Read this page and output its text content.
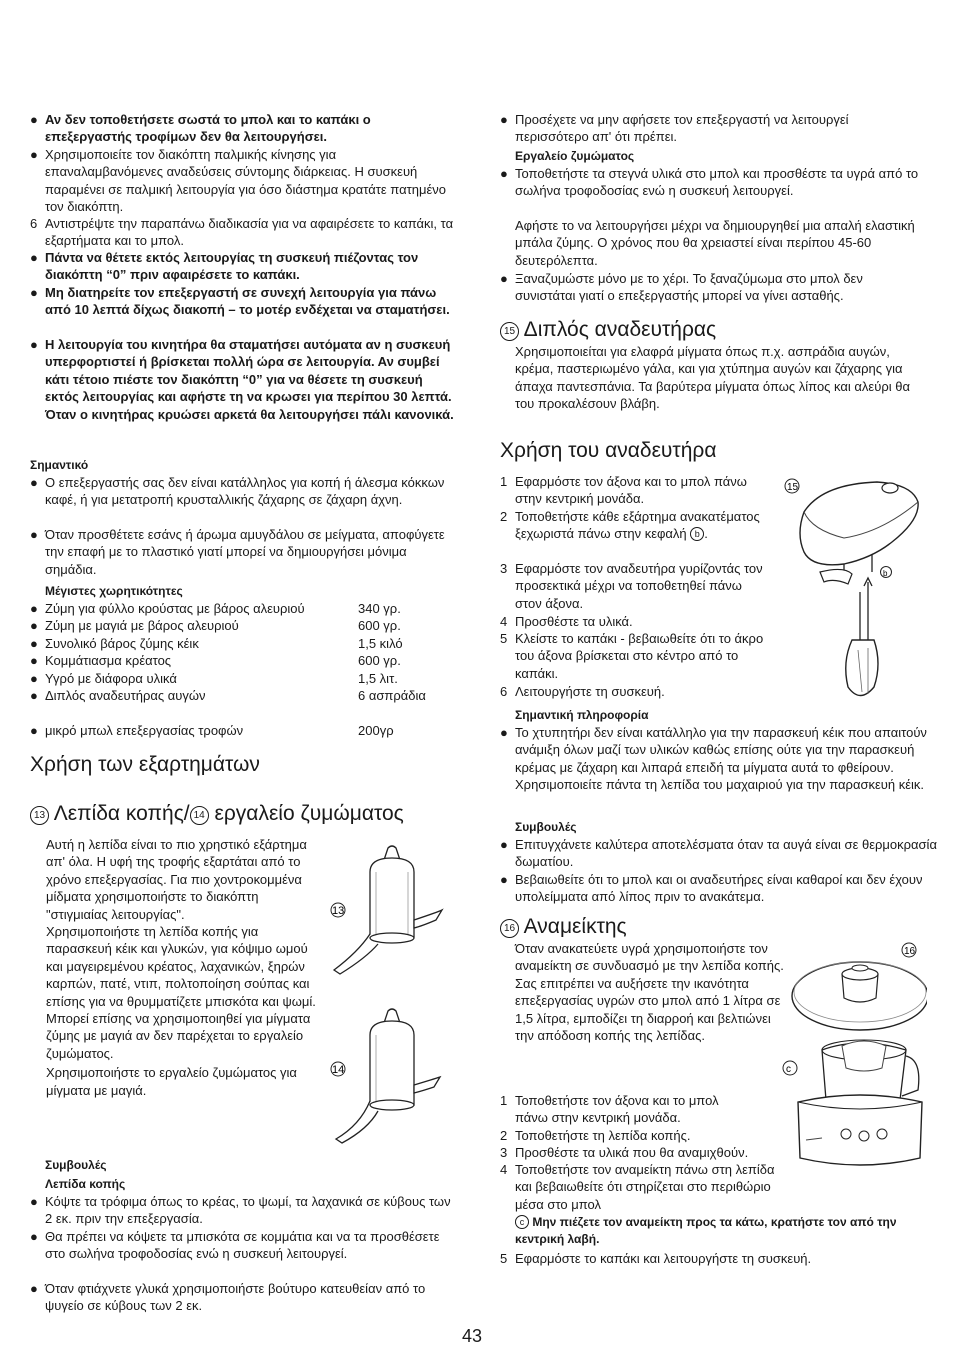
● Αν δεν τοποθετήσετε σωστά το μπολ και το καπάκι ο επεξεργαστής τροφίμων δεν θα λειτουργήσει.
● Χρησιμοποιείτε τον διακόπτη παλμικής κίνησης για επαναλαμβανόμενες αναδεύσεις σύντομης διάρκειας. Η συσκευή παραμένει σε παλμική λειτουργία για όσο διάστημα κρατάτε πατημένο τον διακόπτη.
6 Αντιστρέψτε την παραπάνω διαδικασία για να αφαιρέσετε το καπάκι, τα εξαρτήματα και το μπολ.
● Πάντα να θέτετε εκτός λειτουργίας τη συσκευή πιέζοντας τον διακόπτη “0” πριν αφαιρέσετε το καπάκι.
● Μη διατηρείτε τον επεξεργαστή σε συνεχή λειτουργία για πάνω από 10 λεπτά δίχως διακοπή – το μοτέρ ενδέχεται να σταματήσει.
● Η λειτουργία του κινητήρα θα σταματήσει αυτόματα αν η συσκευή υπερφορτιστεί ή βρίσκεται πολλή ώρα σε λειτουργία. Αν συμβεί κάτι τέτοιο πιέστε τον διακόπτη “0” για να θέσετε τη συσκευή εκτός λειτουργίας και αφήστε τη να κρωσει για περίπου 30 λεπτά. Όταν ο κινητήρας κρυώσει αρκετά θα λειτουργήσει πάλι κανονικά.
Σημαντικό
● Ο επεξεργαστής σας δεν είναι κατάλληλος για κοπή ή άλεσμα κόκκων καφέ, ή για μετατροπή κρυσταλλικής ζάχαρης σε ζάχαρη άχνη.
● Όταν προσθέτετε εσάνς ή άρωμα αμυγδάλου σε μείγματα, αποφύγετε την επαφή με το πλαστικό γιατί μπορεί να δημιουργήσει μόνιμα σημάδια.
Μέγιστες χωρητικότητες
● Ζύμη για φύλλο κρούστας με βάρος αλευριού	340 γρ.
● Ζύμη με μαγιά με βάρος αλευριού	600 γρ.
● Συνολικό βάρος ζύμης κέικ	1,5 κιλό
● Κομμάτιασμα κρέατος	600 γρ.
● Υγρό με διάφορα υλικά	1,5 λιτ.
● Διπλός αναδευτήρας αυγών	6 ασπράδια
● μικρό μπωλ επεξεργασίας τροφών	200γρ
Χρήση των εξαρτημάτων
13 Λεπίδα κοπής/ 14 εργαλείο ζυμώματος
Αυτή η λεπίδα είναι το πιο χρηστικό εξάρτημα απ' όλα. Η υφή της τροφής εξαρτάται από το χρόνο επεξεργασίας. Για πιο χοντροκομμένα μίδματα χρησιμοποιήστε το διακόπτη "στιγμιαίας λειτουργίας".
Χρησιμοποιήστε τη λεπίδα κοπής για παρασκευή κέικ και γλυκών, για κόψιμο ωμού και μαγειρεμένου κρέατος, λαχανικών, ξηρών καρπών, πατέ, ντιπ, πολτοποίηση σούπας και επίσης για να θρυμματίζετε μπισκότα και ψωμί. Μπορεί επίσης να χρησιμοποιηθεί για μίγματα ζύμης με μαγιά αν δεν παρέχεται το εργαλείο ζυμώματος.
Χρησιμοποιήστε το εργαλείο ζυμώματος για μίγματα με μαγιά.
13
14
Συμβουλές
Λεπίδα κοπής
● Κόψτε τα τρόφιμα όπως το κρέας, το ψωμί, τα λαχανικά σε κύβους των 2 εκ. πριν την επεξεργασία.
● Θα πρέπει να κόψετε τα μπισκότα σε κομμάτια και να τα προσθέσετε στο σωλήνα τροφοδοσίας ενώ η συσκευή λειτουργεί.
● Όταν φτιάχνετε γλυκά χρησιμοποιήστε βούτυρο κατευθείαν από το ψυγείο σε κύβους των 2 εκ.
● Προσέχετε να μην αφήσετε τον επεξεργαστή να λειτουργεί περισσότερο απ' ότι πρέπει.
Εργαλείο ζυμώματος
● Τοποθετήστε τα στεγνά υλικά στο μπολ και προσθέστε τα υγρά από το σωλήνα τροφοδοσίας ενώ η συσκευή λειτουργεί.
Αφήστε το να λειτουργήσει μέχρι να δημιουργηθεί μια απαλή ελαστική μπάλα ζύμης. Ο χρόνος που θα χρειαστεί είναι περίπου 45-60 δευτερόλεπτα.
● Ξαναζυμώστε μόνο με το χέρι. Το ξαναζύμωμα στο μπολ δεν συνιστάται γιατί ο επεξεργαστής μπορεί να γίνει ασταθής.
15 Διπλός αναδευτήρας
Χρησιμοποιείται για ελαφρά μίγματα όπως π.χ. ασπράδια αυγών, κρέμα, παστεριωμένο γάλα, και για χτύπημα αυγών και ζάχαρης για άπαχα παντεσπάνια. Τα βαρύτερα μίγματα όπως λίπος και αλεύρι θα του προκαλέσουν βλάβη.
Χρήση του αναδευτήρα
1 Εφαρμόστε τον άξονα και το μπολ πάνω στην κεντρική μονάδα.
2 Τοποθετήστε κάθε εξάρτημα ανακατέματος ξεχωριστά πάνω στην κεφαλή b .
3 Εφαρμόστε τον αναδευτήρα γυρίζοντάς τον προσεκτικά μέχρι να τοποθετηθεί πάνω στον άξονα.
4 Προσθέστε τα υλικά.
5 Κλείστε το καπάκι - βεβαιωθείτε ότι το άκρο του άξονα βρίσκεται στο κέντρο από το καπάκι.
6 Λειτουργήστε τη συσκευή.
15
b
Σημαντική πληροφορία
● Το χτυπητήρι δεν είναι κατάλληλο για την παρασκευή κέικ που απαιτούν ανάμιξη όλων μαζί των υλικών καθώς επίσης ούτε για την παρασκευή κρέμας με ζάχαρη και λιπαρά επειδή τα μίγματα αυτά το φθείρουν. Χρησιμοποιείτε πάντα τη λεπίδα του μαχαιριού για την παρασκευή κέικ.
Συμβουλές
● Επιτυγχάνετε καλύτερα αποτελέσματα όταν τα αυγά είναι σε θερμοκρασία δωματίου.
● Βεβαιωθείτε ότι το μπολ και οι αναδευτήρες είναι καθαροί και δεν έχουν υπολείμματα από λίπος πριν το ανακάτεμα.
16 Αναμείκτης
Όταν ανακατεύετε υγρά χρησιμοποιήστε τον αναμείκτη σε συνδυασμό με την λεπίδα κοπής. Σας επιτρέπει να αυξήσετε την ικανότητα επεξεργασίας υγρών στο μπολ από 1 λίτρα σε 1,5 λίτρα, εμποδίζει τη διαρροή και βελτιώνει την απόδοση κοπής της λεπίδας.
1 Τοποθετήστε τον άξονα και το μπολ πάνω στην κεντρική μονάδα.
2 Τοποθετήστε τη λεπίδα κοπής.
3 Προσθέστε τα υλικά που θα αναμιχθούν.
4 Τοποθετήστε τον αναμείκτη πάνω στη λεπίδα και βεβαιωθείτε ότι στηρίζεται στο περιθώριο μέσα στο μπολ
c Μην πιέζετε τον αναμείκτη προς τα κάτω, κρατήστε τον από την κεντρική λαβή.
5 Εφαρμόστε το καπάκι και λειτουργήστε τη συσκευή.
16
c
43
